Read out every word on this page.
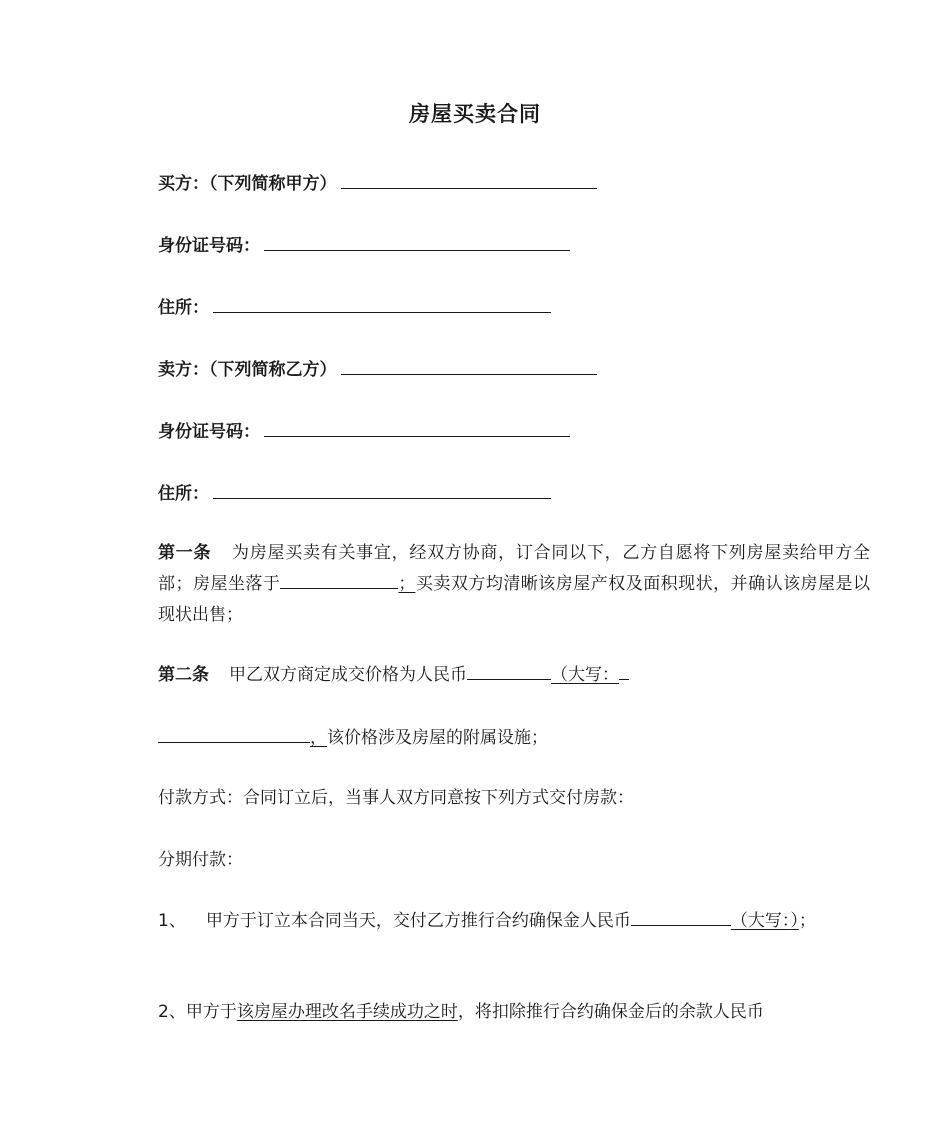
房屋买卖合同
买方：（下列简称甲方）
身份证号码：
住所：
卖方：（下列简称乙方）
身份证号码：
住所：
第一条 为房屋买卖有关事宜，经双方协商，订合同以下，乙方自愿将下列房屋卖给甲方全部；房屋坐落于	；买卖双方均清晰该房屋产权及面积现状，并确认该房屋是以现状出售；
第二条 甲乙双方商定成交价格为人民币	（大写：
，该价格涉及房屋的附属设施；
付款方式：合同订立后，当事人双方同意按下列方式交付房款：
分期付款：
1、 甲方于订立本合同当天，交付乙方推行合约确保金人民币	（大写：）；
2、甲方于该房屋办理改名手续成功之时，将扣除推行合约确保金后的余款人民币
